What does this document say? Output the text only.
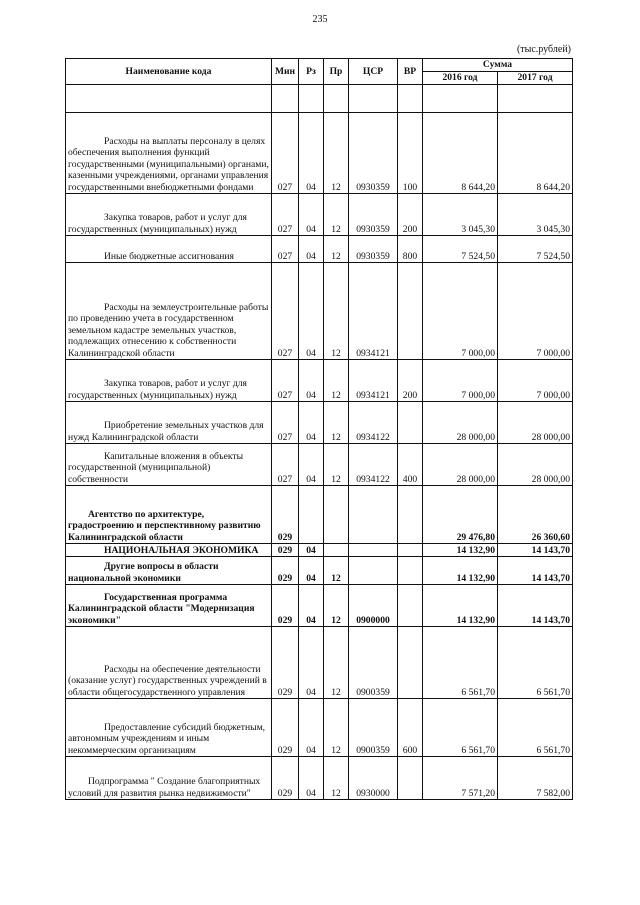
235
(тыс.рублей)
Наименование кода	Мин	Рз	Пр	ЦСР	ВР	Сумма	
						2016 год	2017 год

Расходы на выплаты персоналу в целях обеспечения выполнения функций государственными (муниципальными) органами, казенными учреждениями, органами управления государственными внебюджетными фондами	027	04	12	0930359	100	8 644,20	8 644,20
Закупка товаров, работ и услуг для государственных (муниципальных) нужд	027	04	12	0930359	200	3 045,30	3 045,30
Иные бюджетные ассигнования	027	04	12	0930359	800	7 524,50	7 524,50
Расходы на землеустроительные работы по проведению учета в государственном земельном кадастре земельных участков, подлежащих отнесению к собственности Калининградской области	027	04	12	0934121		7 000,00	7 000,00
Закупка товаров, работ и услуг для государственных (муниципальных) нужд	027	04	12	0934121	200	7 000,00	7 000,00
Приобретение земельных участков для нужд Калининградской области	027	04	12	0934122		28 000,00	28 000,00
Капитальные вложения в объекты государственной (муниципальной) собственности	027	04	12	0934122	400	28 000,00	28 000,00
Агентство по архитектуре, градостроению и перспективному развитию Калининградской области	029					29 476,80	26 360,60
НАЦИОНАЛЬНАЯ ЭКОНОМИКА	029	04				14 132,90	14 143,70
Другие вопросы в области национальной экономики	029	04	12			14 132,90	14 143,70
Государственная программа Калининградской области "Модернизация экономики"	029	04	12	0900000		14 132,90	14 143,70
Расходы на обеспечение деятельности (оказание услуг) государственных учреждений в области общегосударственного управления	029	04	12	0900359		6 561,70	6 561,70
Предоставление субсидий бюджетным, автономным учреждениям и иным некоммерческим организациям	029	04	12	0900359	600	6 561,70	6 561,70
Подпрограмма " Создание благоприятных условий для развития рынка недвижимости"	029	04	12	0930000		7 571,20	7 582,00
